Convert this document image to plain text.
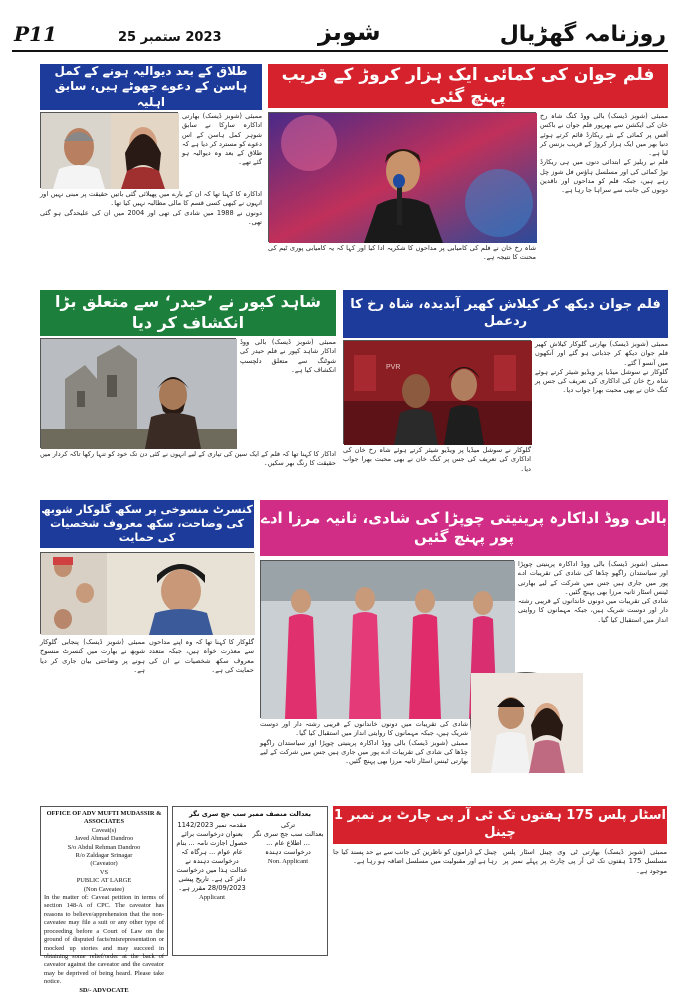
P11	2023 ستمبر 25	شوبز	روزنامہ گھڑیال
فلم جوان کی کمائی ایک ہزار کروڑ کے قریب پہنچ گئی

ممبئی (شوبز ڈیسک) بالی ووڈ کنگ شاہ رخ خان کی ایکشن سے بھرپور فلم جوان نے باکس آفس پر کمائی کے نئے ریکارڈ قائم کرتے ہوئے دنیا بھر میں ایک ہزار کروڑ کے قریب بزنس کر لیا ہے۔

فلم نے ریلیز کے ابتدائی دنوں میں ہی ریکارڈ توڑ کمائی کی اور مسلسل ہاؤس فل شوز چل رہے ہیں، جبکہ فلم کو مداحوں اور ناقدین دونوں کی جانب سے سراہا جا رہا ہے۔

شاہ رخ خان نے فلم کی کامیابی پر مداحوں کا شکریہ ادا کیا اور کہا کہ یہ کامیابی پوری ٹیم کی محنت کا نتیجہ ہے۔

طلاق کے بعد دیوالیہ ہونے کے کمل ہاسن کے دعوے جھوٹے ہیں، سابق اہلیہ

ممبئی (شوبز ڈیسک) بھارتی اداکارہ سارِکا نے سابق شوہر کمل ہاسن کے اس دعوے کو مسترد کر دیا ہے کہ طلاق کے بعد وہ دیوالیہ ہو گئے تھے۔

اداکارہ کا کہنا تھا کہ ان کے بارے میں پھیلائی گئی باتیں حقیقت پر مبنی نہیں اور انہوں نے کبھی کسی قسم کا مالی مطالبہ نہیں کیا تھا۔

دونوں نے 1988 میں شادی کی تھی اور 2004 میں ان کی علیحدگی ہو گئی تھی۔

فلم جوان دیکھ کر کیلاش کھیر آبدیدہ، شاہ رخ کا ردعمل
PVR

ممبئی (شوبز ڈیسک) بھارتی گلوکار کیلاش کھیر فلم جوان دیکھ کر جذباتی ہو گئے اور آنکھوں میں آنسو آ گئے۔

گلوکار نے سوشل میڈیا پر ویڈیو شیئر کرتے ہوئے شاہ رخ خان کی اداکاری کی تعریف کی جس پر کنگ خان نے بھی محبت بھرا جواب دیا۔

گلوکار نے سوشل میڈیا پر ویڈیو شیئر کرتے ہوئے شاہ رخ خان کی اداکاری کی تعریف کی جس پر کنگ خان نے بھی محبت بھرا جواب دیا۔

شاہد کپور نے ’حیدر‘ سے متعلق بڑا انکشاف کر دیا

ممبئی (شوبز ڈیسک) بالی ووڈ اداکار شاہد کپور نے فلم حیدر کی شوٹنگ سے متعلق دلچسپ انکشاف کیا ہے۔

اداکار کا کہنا تھا کہ فلم کے ایک سین کی تیاری کے لیے انہوں نے کئی دن تک خود کو تنہا رکھا تاکہ کردار میں حقیقت کا رنگ بھر سکیں۔

بالی ووڈ اداکارہ پرینیتی چوپڑا کی شادی، ثانیہ مرزا ادے پور پہنچ گئیں

ممبئی (شوبز ڈیسک) بالی ووڈ اداکارہ پرینیتی چوپڑا اور سیاستدان راگھو چڈھا کی شادی کی تقریبات ادے پور میں جاری ہیں جس میں شرکت کے لیے بھارتی ٹینس اسٹار ثانیہ مرزا بھی پہنچ گئیں۔

شادی کی تقریبات میں دونوں خاندانوں کے قریبی رشتہ دار اور دوست شریک ہیں، جبکہ مہمانوں کا روایتی انداز میں استقبال کیا گیا۔

شادی کی تقریبات میں دونوں خاندانوں کے قریبی رشتہ دار اور دوست شریک ہیں، جبکہ مہمانوں کا روایتی انداز میں استقبال کیا گیا۔

ممبئی (شوبز ڈیسک) بالی ووڈ اداکارہ پرینیتی چوپڑا اور سیاستدان راگھو چڈھا کی شادی کی تقریبات ادے پور میں جاری ہیں جس میں شرکت کے لیے بھارتی ٹینس اسٹار ثانیہ مرزا بھی پہنچ گئیں۔

کنسرٹ منسوخی پر سکھ گلوکار شوبھ کی وضاحت، سکھ معروف شخصیات کی حمایت

ممبئی (شوبز ڈیسک) پنجابی گلوکار شوبھ نے بھارت میں کنسرٹ منسوخ ہونے پر وضاحتی بیان جاری کر دیا ہے۔

گلوکار کا کہنا تھا کہ وہ اپنے مداحوں سے معذرت خواہ ہیں، جبکہ متعدد معروف سکھ شخصیات نے ان کی حمایت کی ہے۔

اسٹار پلس 175 ہفتوں تک ٹی آر پی چارٹ پر نمبر 1 چینل

چینل کے ڈراموں کو ناظرین کی جانب سے بے حد پسند کیا جا رہا ہے اور مقبولیت میں مسلسل اضافہ ہو رہا ہے۔

ممبئی (شوبز ڈیسک) بھارتی ٹی وی چینل اسٹار پلس مسلسل 175 ہفتوں تک ٹی آر پی چارٹ پر پہلے نمبر پر موجود ہے۔

OFFICE OF ADV MUFTI MUDASSIR & ASSOCIATES
Caveat(s)
Javed Ahmad Dandroo
S/o Abdul Rehman Dandroo
R/o Zaldagar Srinagar
(Caveator)
VS
PUBLIC AT LARGE
(Non Caveatee)
In the matter of: Caveat petition in terms of section 148-A of CPC. The caveator has reasons to believe/apprehension that the non-caveatee may file a suit or any other type of proceeding before a Court of Law on the ground of disputed facts/misrepresentation or mocked up stories and may succeed in obtaining some relief/order at the back of caveator against the caveator and the caveator may be deprived of being heard. Please take notice.
SD/- ADVOCATE
بعدالت منصف ممبر سب جج سری نگر
ترکی
بعدالت سب جج سری نگر ... اطلاع عام ... درخواست دہندہ
Non. Applicant
مقدمہ نمبر 1142/2023 بعنوان درخواست برائے حصول اجازت نامہ ... بنام عام عوام ... ہرگاہ کہ درخواست دہندہ نے عدالت ہذا میں درخواست دائر کی ہے۔ تاریخ پیشی 28/09/2023 مقرر ہے۔
Applicant
